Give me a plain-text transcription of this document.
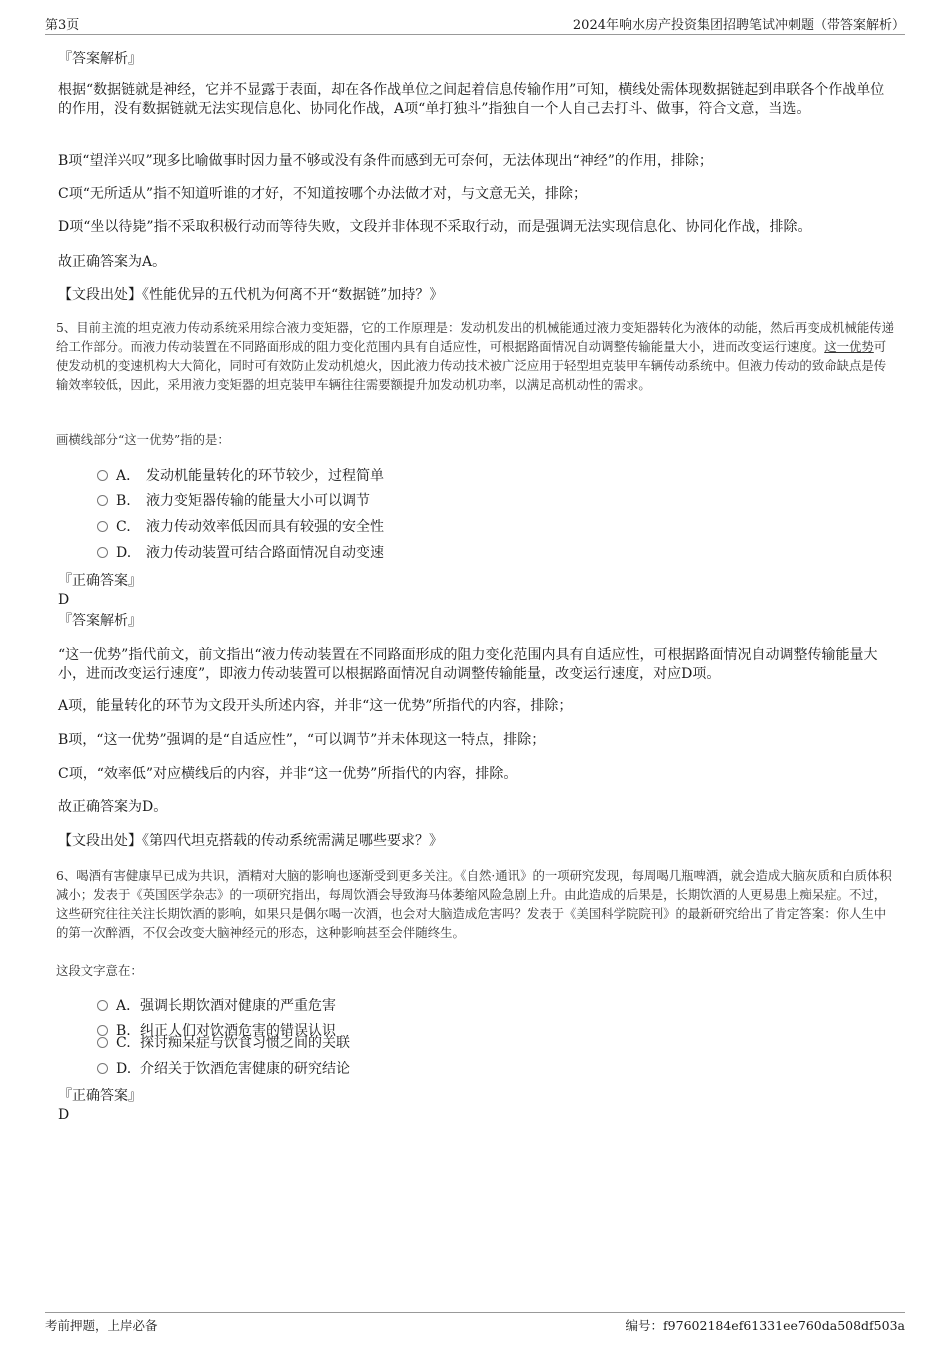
第3页	2024年响水房产投资集团招聘笔试冲刺题（带答案解析）
『答案解析』
根据“数据链就是神经，它并不显露于表面，却在各作战单位之间起着信息传输作用”可知，横线处需体现数据链起到串联各个作战单位的作用，没有数据链就无法实现信息化、协同化作战，A项“单打独斗”指独自一个人自己去打斗、做事，符合文意，当选。
B项“望洋兴叹”现多比喻做事时因力量不够或没有条件而感到无可奈何，无法体现出“神经”的作用，排除；
C项“无所适从”指不知道听谁的才好，不知道按哪个办法做才对，与文意无关，排除；
D项“坐以待毙”指不采取积极行动而等待失败，文段并非体现不采取行动，而是强调无法实现信息化、协同化作战，排除。
故正确答案为A。
【文段出处】《性能优异的五代机为何离不开“数据链”加持？》
5、目前主流的坦克液力传动系统采用综合液力变矩器，它的工作原理是：发动机发出的机械能通过液力变矩器转化为液体的动能，然后再变成机械能传递给工作部分。而液力传动装置在不同路面形成的阻力变化范围内具有自适应性，可根据路面情况自动调整传输能量大小，进而改变运行速度。这一优势可使发动机的变速机构大大简化，同时可有效防止发动机熄火，因此液力传动技术被广泛应用于轻型坦克装甲车辆传动系统中。但液力传动的致命缺点是传输效率较低，因此，采用液力变矩器的坦克装甲车辆往往需要额提升加发动机功率，以满足高机动性的需求。
画横线部分“这一优势”指的是：
A． 发动机能量转化的环节较少，过程简单
B. 液力变矩器传输的能量大小可以调节
C. 液力传动效率低因而具有较强的安全性
D. 液力传动装置可结合路面情况自动变速
『正确答案』
D
『答案解析』
“这一优势”指代前文，前文指出“液力传动装置在不同路面形成的阻力变化范围内具有自适应性，可根据路面情况自动调整传输能量大小，进而改变运行速度”，即液力传动装置可以根据路面情况自动调整传输能量，改变运行速度，对应D项。
A项，能量转化的环节为文段开头所述内容，并非“这一优势”所指代的内容，排除；
B项，“这一优势”强调的是“自适应性”，“可以调节”并未体现这一特点，排除；
C项，“效率低”对应横线后的内容，并非“这一优势”所指代的内容，排除。
故正确答案为D。
【文段出处】《第四代坦克搭载的传动系统需满足哪些要求？》
6、喝酒有害健康早已成为共识，酒精对大脑的影响也逐渐受到更多关注。《自然·通讯》的一项研究发现，每周喝几瓶啤酒，就会造成大脑灰质和白质体积减小；发表于《英国医学杂志》的一项研究指出，每周饮酒会导致海马体萎缩风险急剧上升。由此造成的后果是，长期饮酒的人更易患上痴呆症。不过，这些研究往往关注长期饮酒的影响，如果只是偶尔喝一次酒，也会对大脑造成危害吗？发表于《美国科学院院刊》的最新研究给出了肯定答案：你人生中的第一次醉酒，不仅会改变大脑神经元的形态，这种影响甚至会伴随终生。
这段文字意在：
A．强调长期饮酒对健康的严重危害
B. 纠正人们对饮酒危害的错误认识
C. 探讨痴呆症与饮食习惯之间的关联
D. 介绍关于饮酒危害健康的研究结论
『正确答案』
D
考前押题，上岸必备	编号：f97602184ef61331ee760da508df503a
